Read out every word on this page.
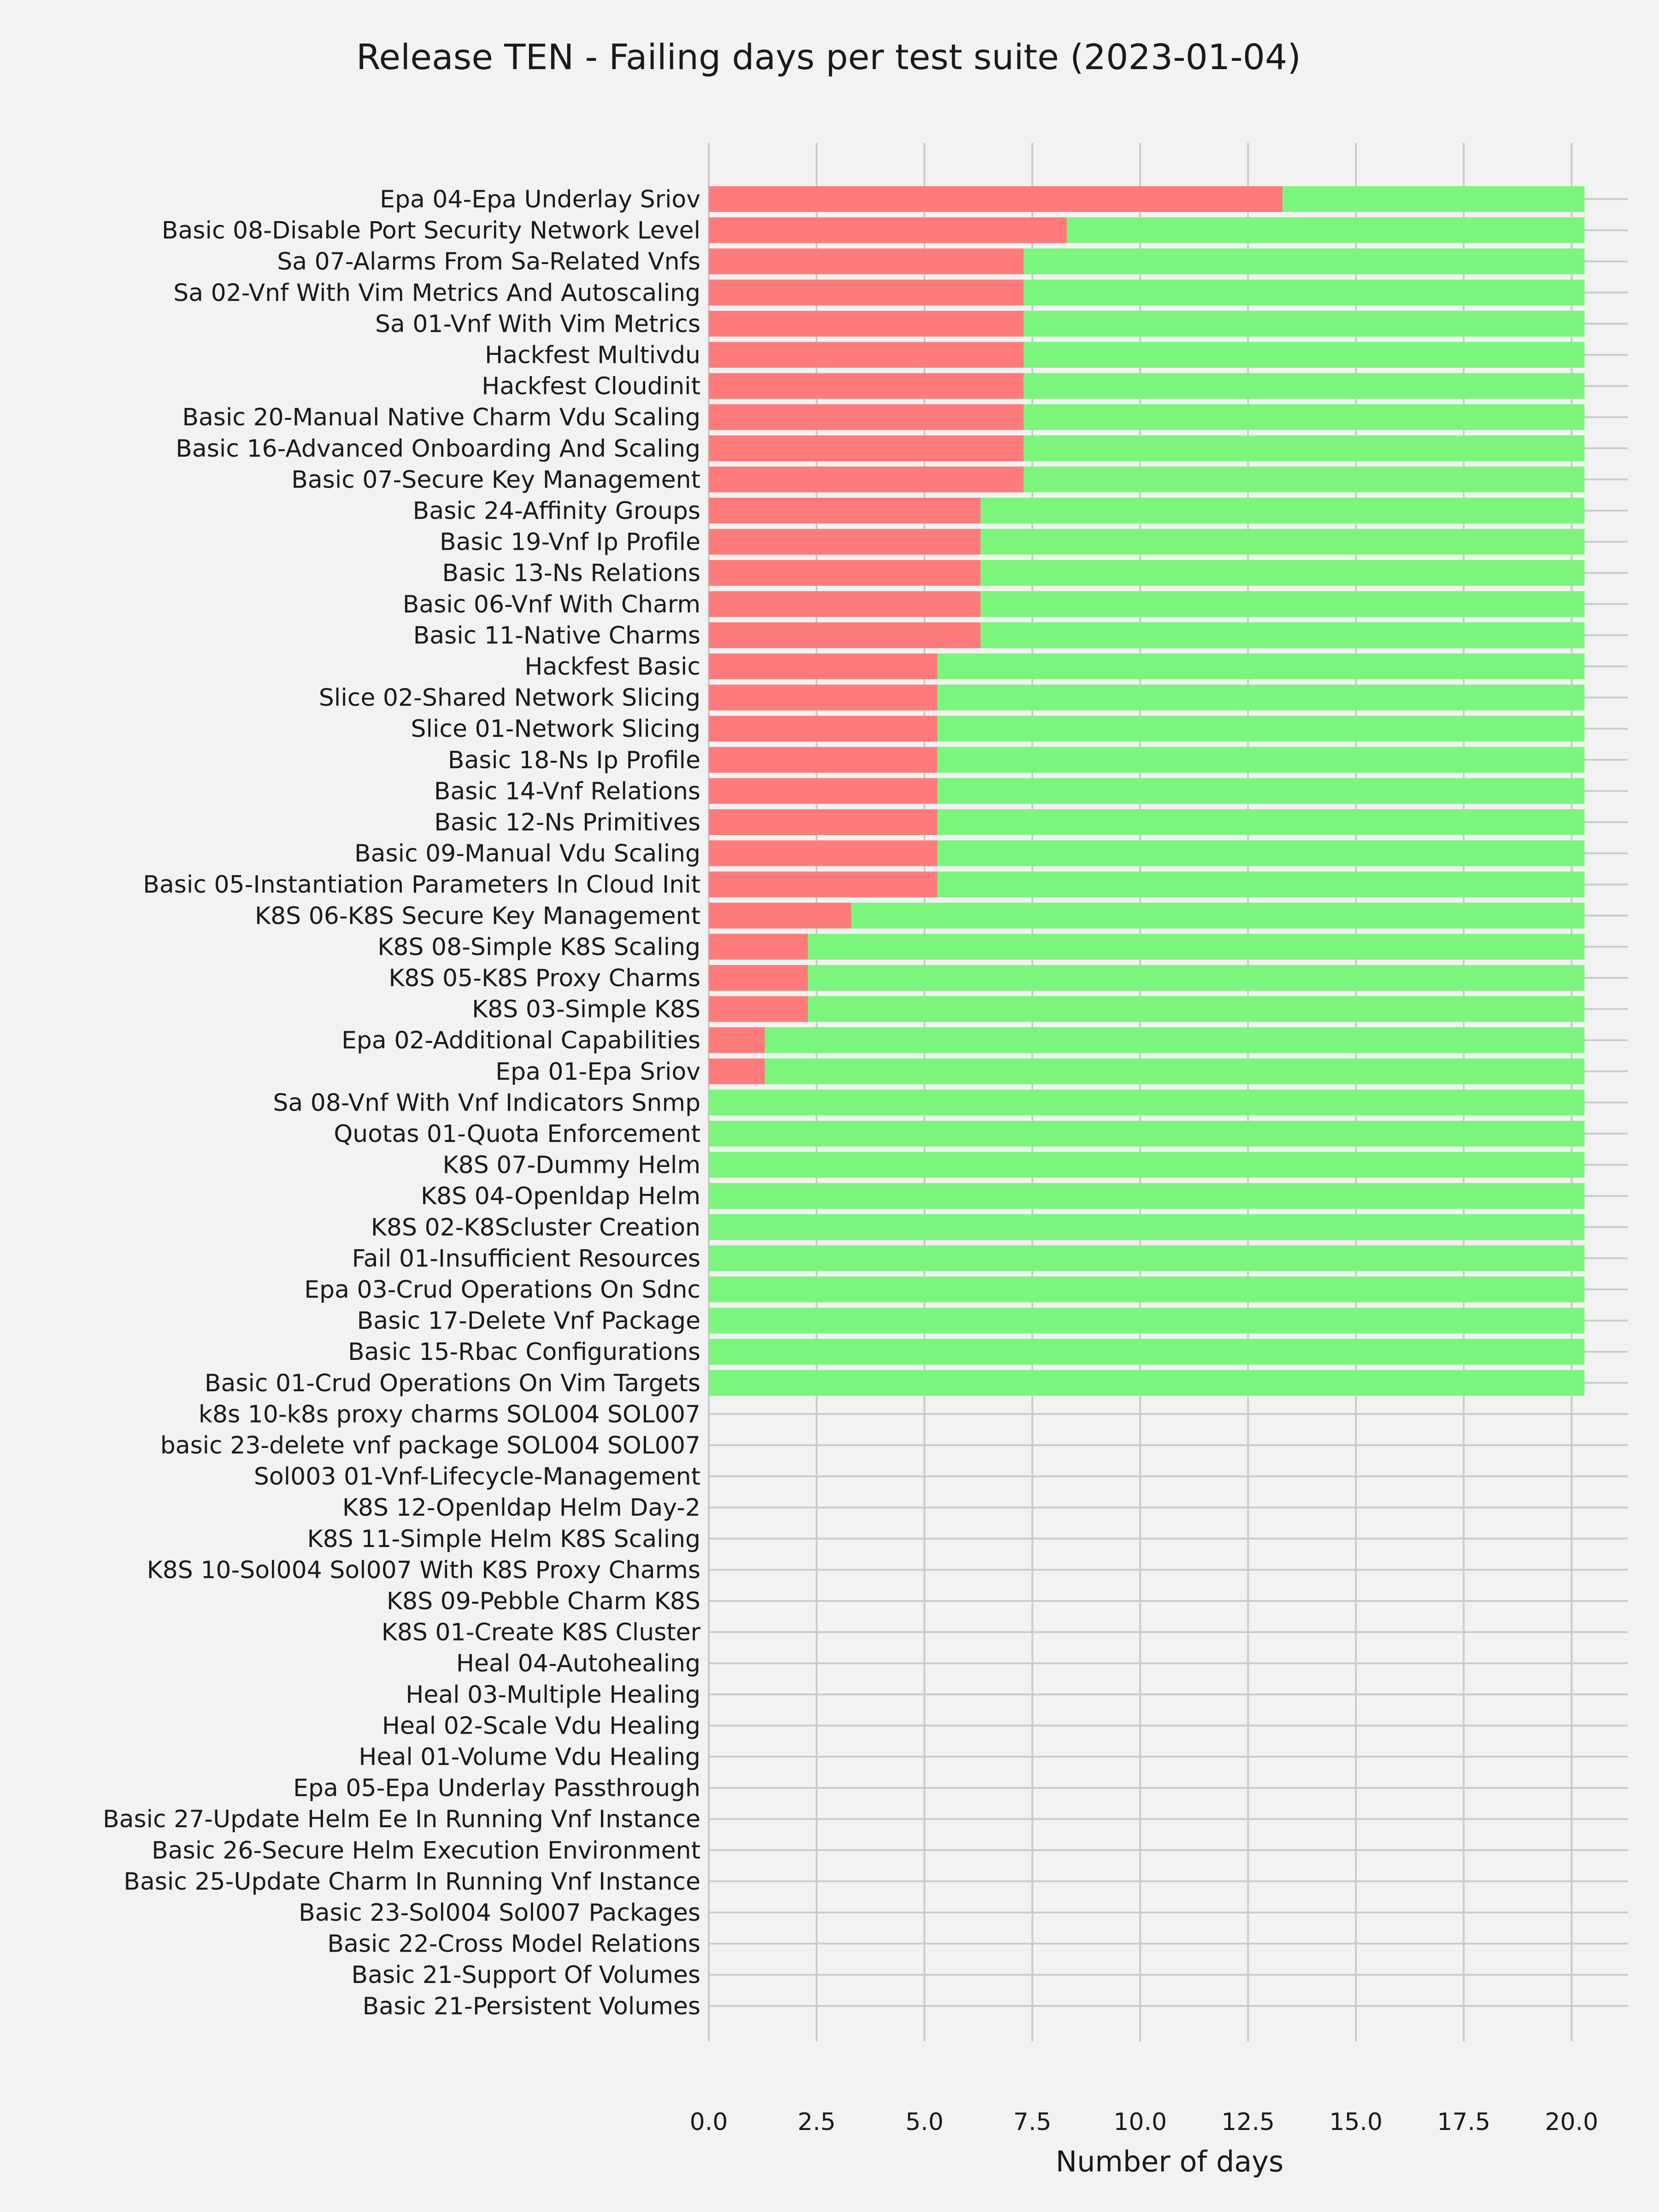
Release TEN - Failing days per test suite (2023-01-04)
Epa 04-Epa Underlay Sriov
Basic 08-Disable Port Security Network Level
Sa 07-Alarms From Sa-Related Vnfs
Sa 02-Vnf With Vim Metrics And Autoscaling
Sa 01-Vnf With Vim Metrics
Hackfest Multivdu
Hackfest Cloudinit
Basic 20-Manual Native Charm Vdu Scaling
Basic 16-Advanced Onboarding And Scaling
Basic 07-Secure Key Management
Basic 24-Affinity Groups
Basic 19-Vnf Ip Profile
Basic 13-Ns Relations
Basic 06-Vnf With Charm
Basic 11-Native Charms
Hackfest Basic
Slice 02-Shared Network Slicing
Slice 01-Network Slicing
Basic 18-Ns Ip Profile
Basic 14-Vnf Relations
Basic 12-Ns Primitives
Basic 09-Manual Vdu Scaling
Basic 05-Instantiation Parameters In Cloud Init
K8S 06-K8S Secure Key Management
K8S 08-Simple K8S Scaling
K8S 05-K8S Proxy Charms
K8S 03-Simple K8S
Epa 02-Additional Capabilities
Epa 01-Epa Sriov
Sa 08-Vnf With Vnf Indicators Snmp
Quotas 01-Quota Enforcement
K8S 07-Dummy Helm
K8S 04-Openldap Helm
K8S 02-K8Scluster Creation
Fail 01-Insufficient Resources
Epa 03-Crud Operations On Sdnc
Basic 17-Delete Vnf Package
Basic 15-Rbac Configurations
Basic 01-Crud Operations On Vim Targets
k8s 10-k8s proxy charms SOL004 SOL007
basic 23-delete vnf package SOL004 SOL007
Sol003 01-Vnf-Lifecycle-Management
K8S 12-Openldap Helm Day-2
K8S 11-Simple Helm K8S Scaling
K8S 10-Sol004 Sol007 With K8S Proxy Charms
K8S 09-Pebble Charm K8S
K8S 01-Create K8S Cluster
Heal 04-Autohealing
Heal 03-Multiple Healing
Heal 02-Scale Vdu Healing
Heal 01-Volume Vdu Healing
Epa 05-Epa Underlay Passthrough
Basic 27-Update Helm Ee In Running Vnf Instance
Basic 26-Secure Helm Execution Environment
Basic 25-Update Charm In Running Vnf Instance
Basic 23-Sol004 Sol007 Packages
Basic 22-Cross Model Relations
Basic 21-Support Of Volumes
Basic 21-Persistent Volumes
0.0	2.5	5.0	7.5	10.0 12.5 15.0 17.5 20.0
Number of days
